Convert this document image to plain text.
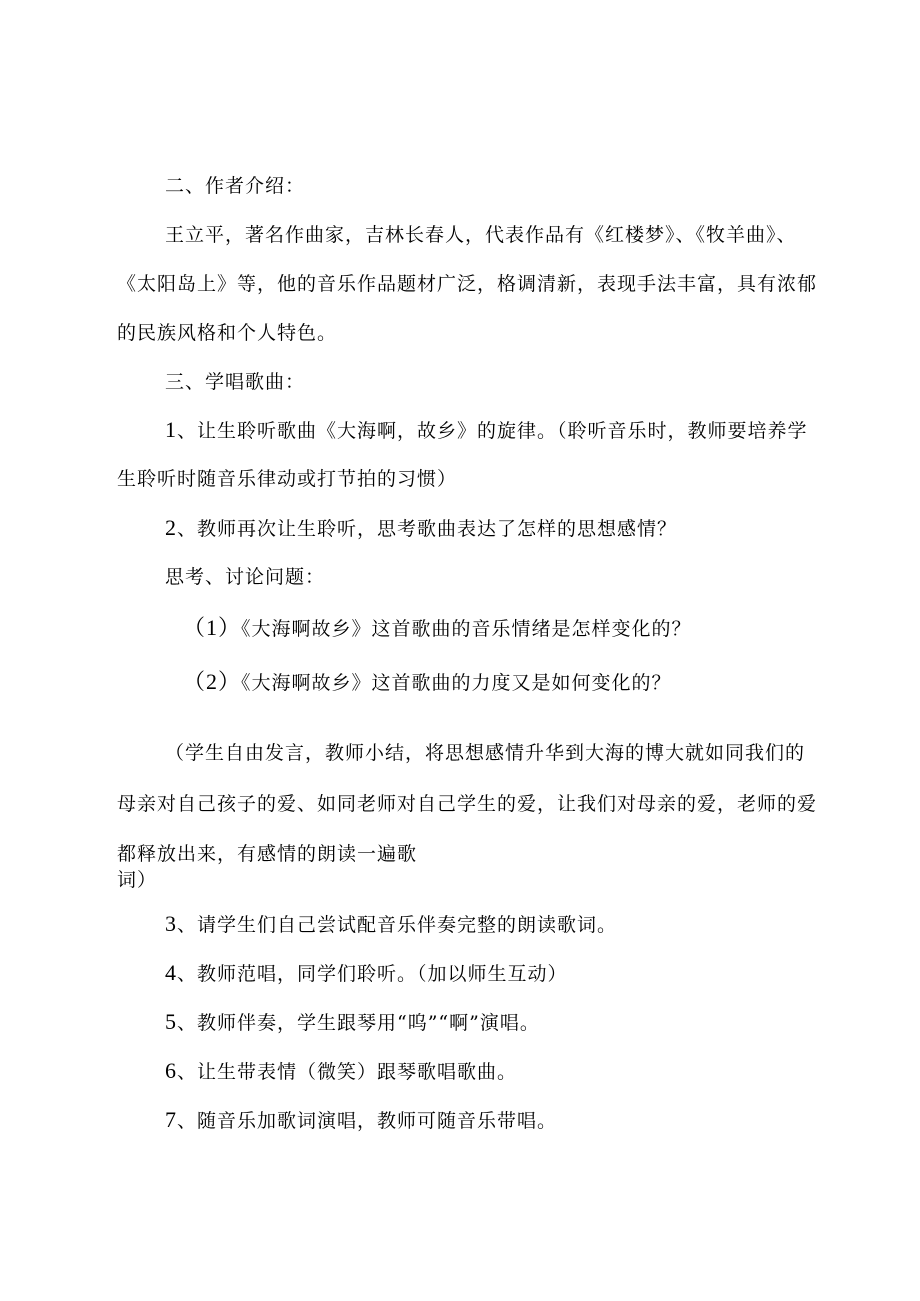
二、作者介绍：
王立平，著名作曲家，吉林长春人，代表作品有《红楼梦》、《牧羊曲》、
《太阳岛上》等，他的音乐作品题材广泛，格调清新，表现手法丰富，具有浓郁
的民族风格和个人特色。
三、学唱歌曲：
1、让生聆听歌曲《大海啊，故乡》的旋律。（聆听音乐时，教师要培养学
生聆听时随音乐律动或打节拍的习惯）
2、教师再次让生聆听，思考歌曲表达了怎样的思想感情？
思考、讨论问题：
（1）《大海啊故乡》这首歌曲的音乐情绪是怎样变化的？
（2）《大海啊故乡》这首歌曲的力度又是如何变化的？
（学生自由发言，教师小结，将思想感情升华到大海的博大就如同我们的
母亲对自己孩子的爱、如同老师对自己学生的爱，让我们对母亲的爱，老师的爱
都释放出来，有感情的朗读一遍歌
词）
3、请学生们自己尝试配音乐伴奏完整的朗读歌词。
4、教师范唱，同学们聆听。（加以师生互动）
5、教师伴奏，学生跟琴用“呜”“啊”演唱。
6、让生带表情（微笑）跟琴歌唱歌曲。
7、随音乐加歌词演唱，教师可随音乐带唱。
